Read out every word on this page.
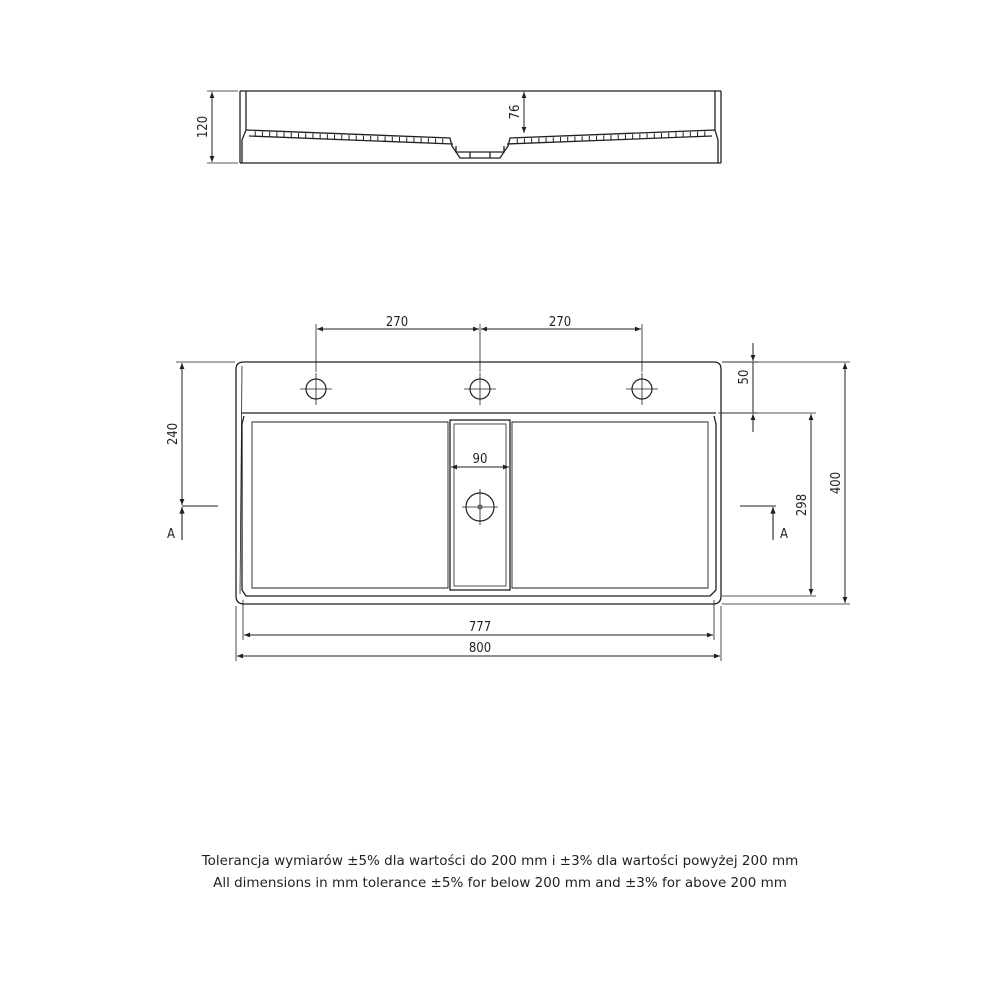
120
76
270	270
50
240
A	A
90
298
400
777
800
Tolerancja wymiarów ±5% dla wartości do 200 mm i ±3% dla wartości powyżej 200 mm
All dimensions in mm tolerance ±5% for below 200 mm and ±3% for above 200 mm
